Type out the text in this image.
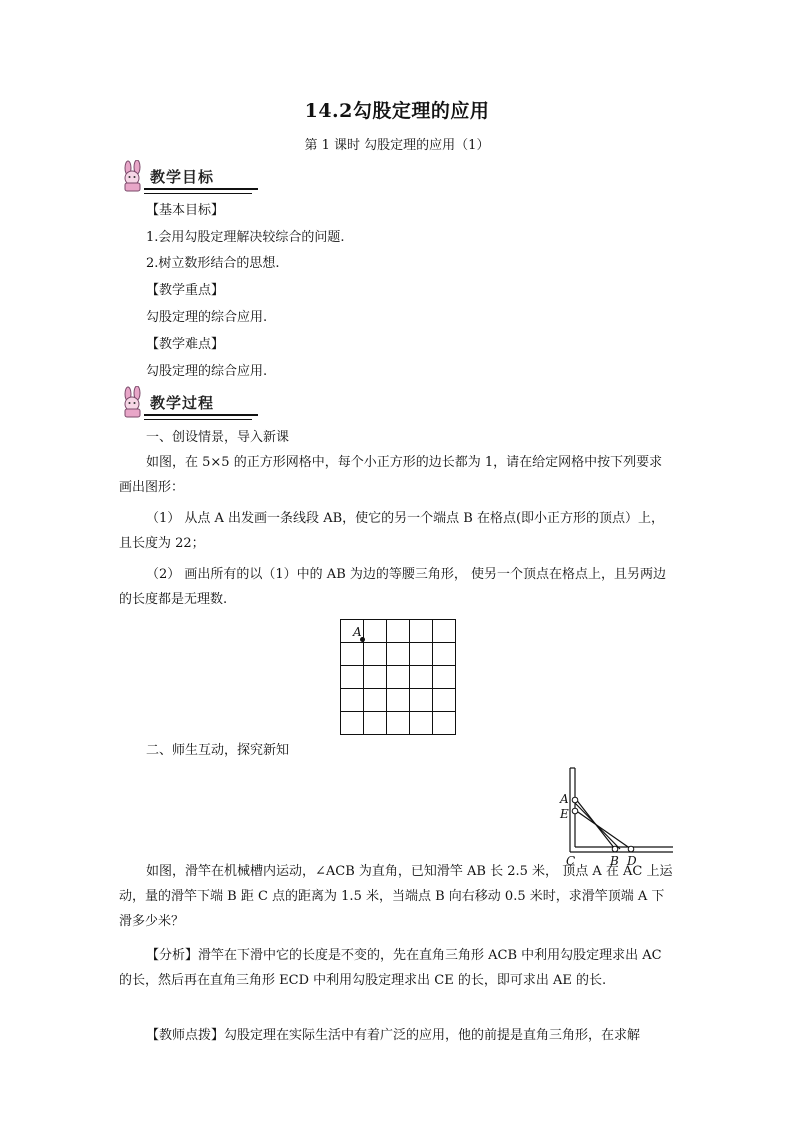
14.2勾股定理的应用
第 1 课时 勾股定理的应用（1）
教学目标
【基本目标】
1.会用勾股定理解决较综合的问题.
2.树立数形结合的思想.
【教学重点】
勾股定理的综合应用.
【教学难点】
勾股定理的综合应用.
教学过程
一、创设情景，导入新课
如图，在 5×5 的正方形网格中，每个小正方形的边长都为 1，请在给定网格中按下列要求画出图形：
（1） 从点 A 出发画一条线段 AB，使它的另一个端点 B 在格点(即小正方形的顶点）上，且长度为 22；
（2） 画出所有的以（1）中的 AB 为边的等腰三角形， 使另一个顶点在格点上，且另两边的长度都是无理数.

A
二、师生互动，探究新知
A
E
C	B D
如图，滑竿在机械槽内运动，∠ACB 为直角，已知滑竿 AB 长 2.5 米， 顶点 A 在 AC 上运动，量的滑竿下端 B 距 C 点的距离为 1.5 米，当端点 B 向右移动 0.5 米时，求滑竿顶端 A 下滑多少米？
【分析】滑竿在下滑中它的长度是不变的，先在直角三角形 ACB 中利用勾股定理求出 AC 的长，然后再在直角三角形 ECD 中利用勾股定理求出 CE 的长，即可求出 AE 的长.
【教师点拨】勾股定理在实际生活中有着广泛的应用，他的前提是直角三角形，在求解
